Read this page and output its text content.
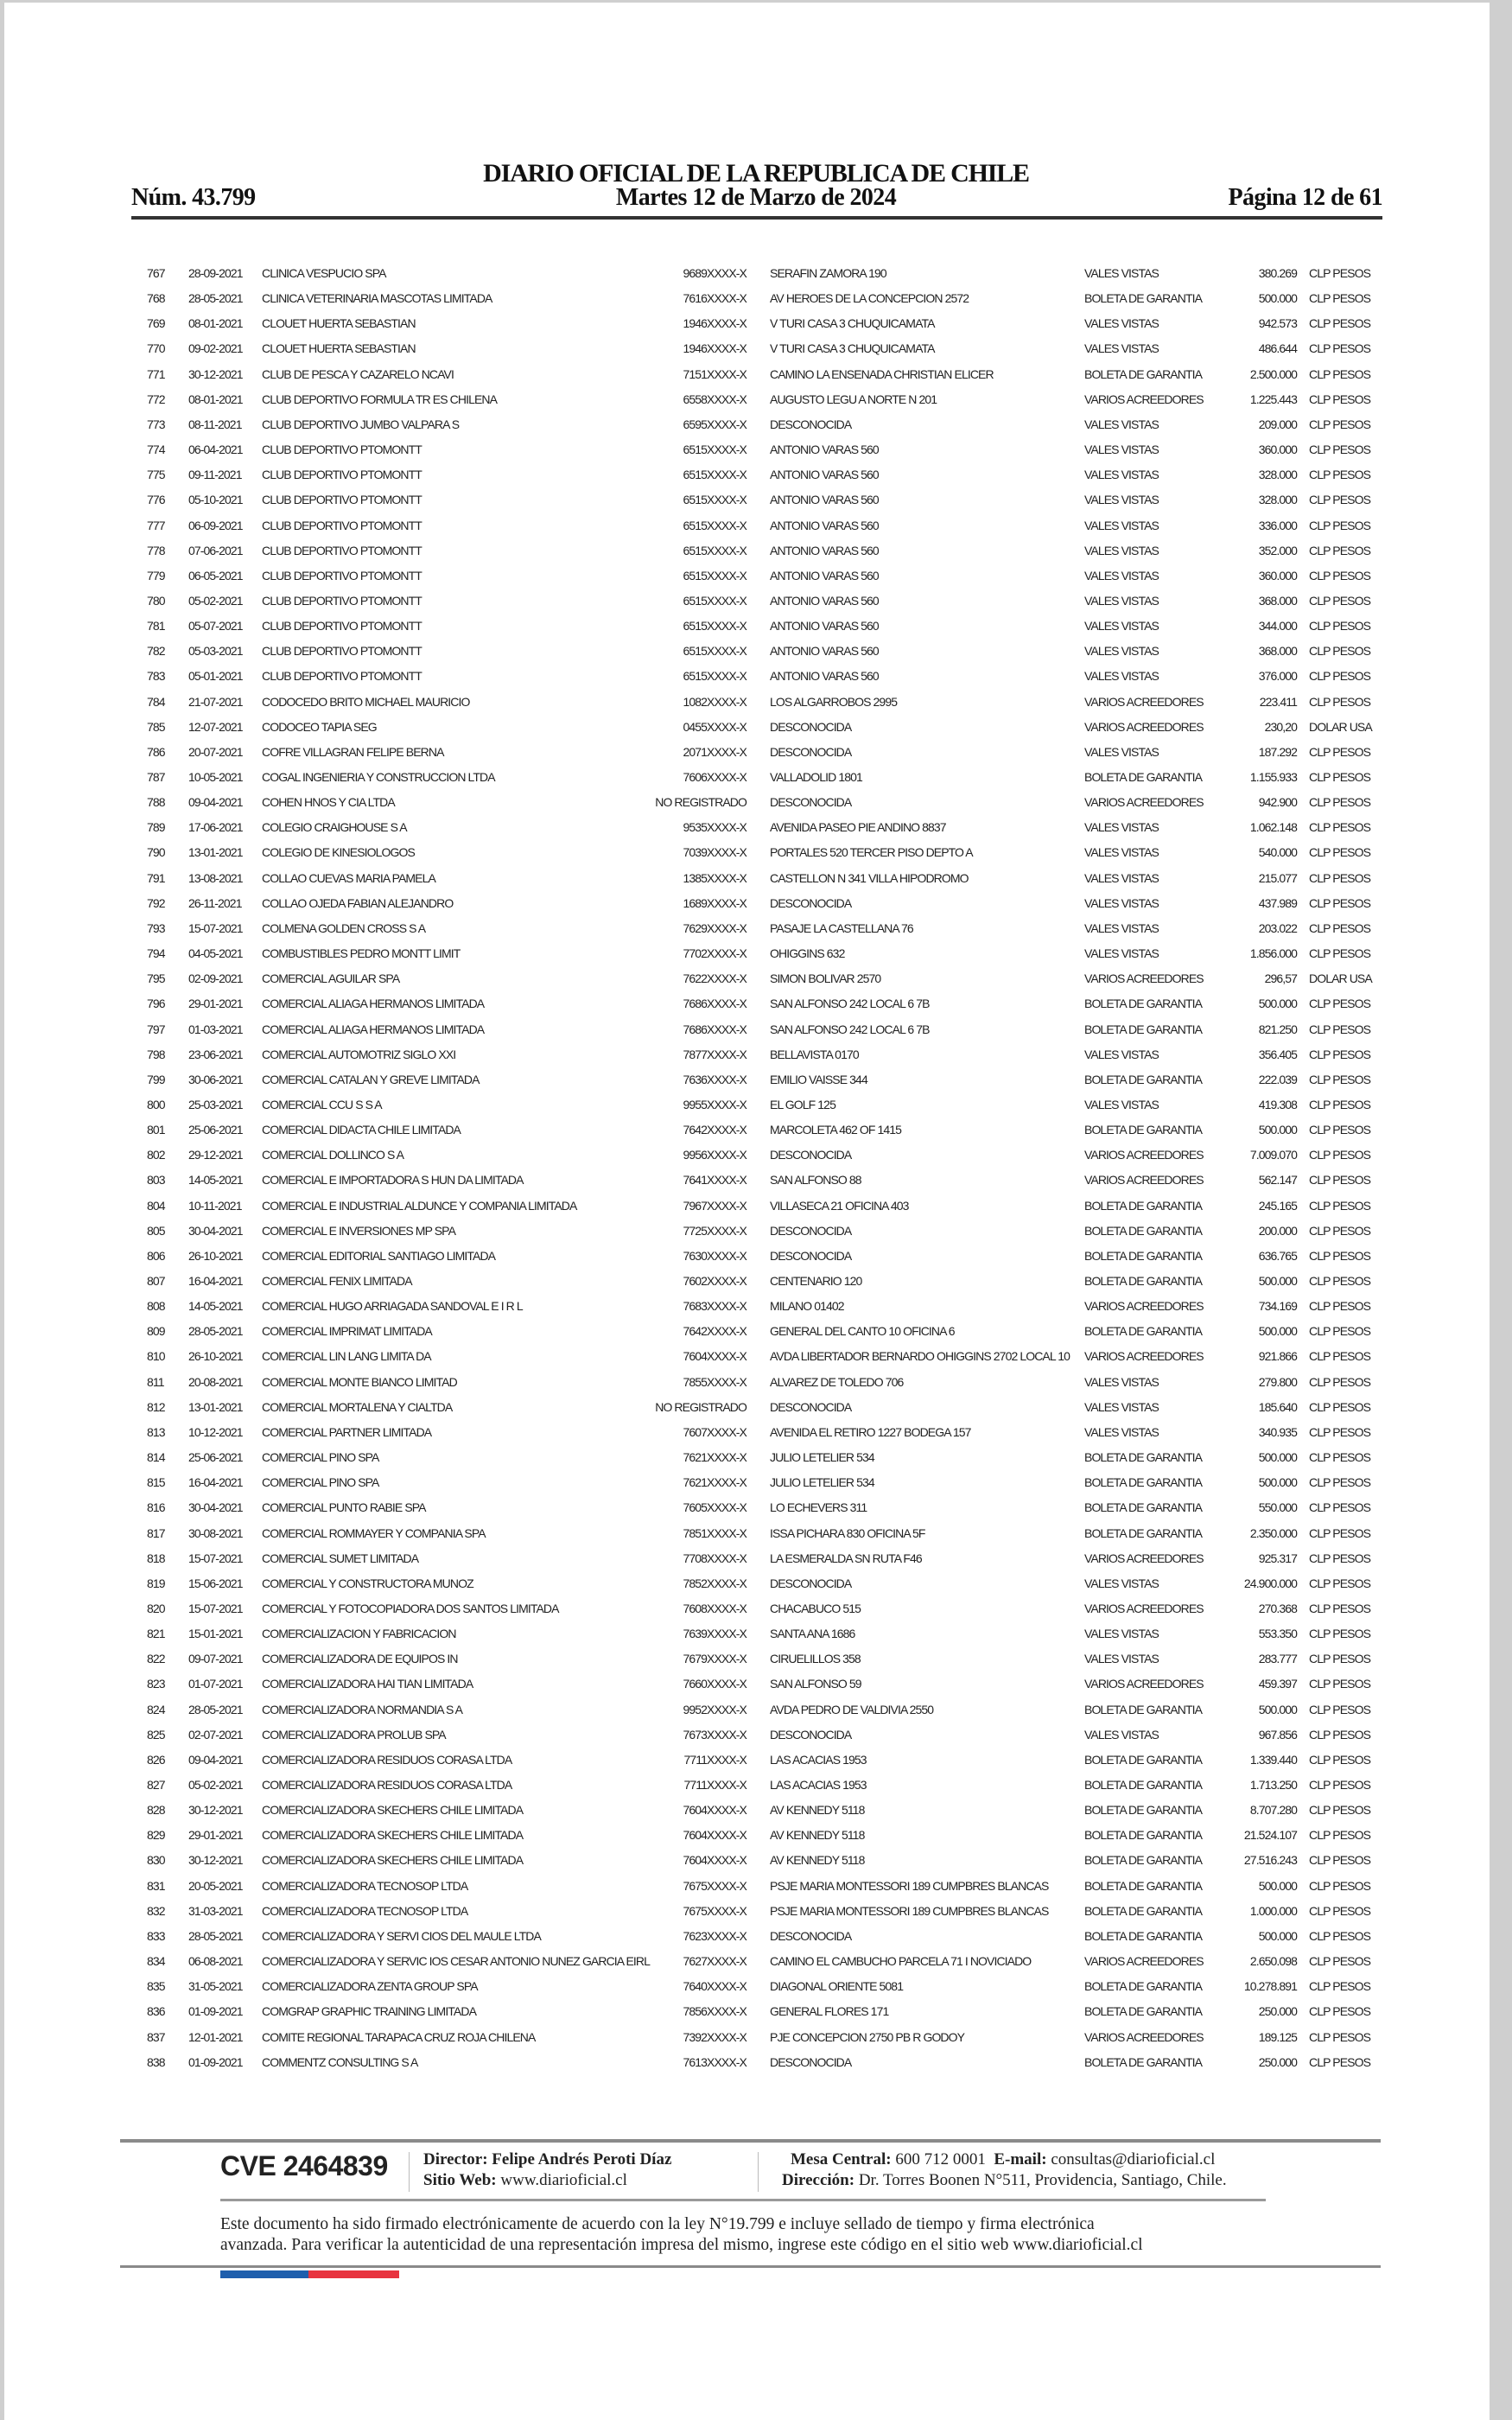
DIARIO OFICIAL DE LA REPUBLICA DE CHILE
Núm. 43.799	Martes 12 de Marzo de 2024	Página 12 de 61
767 28-09-2021 CLINICA VESPUCIO SPA	9689XXXX-X SERAFIN ZAMORA 190	VALES VISTAS	380.269 CLP PESOS
768 28-05-2021 CLINICA VETERINARIA MASCOTAS LIMITADA	7616XXXX-X AV HEROES DE LA CONCEPCION 2572	BOLETA DE GARANTIA	500.000 CLP PESOS
769 08-01-2021 CLOUET HUERTA SEBASTIAN	1946XXXX-X V TURI CASA 3 CHUQUICAMATA	VALES VISTAS	942.573 CLP PESOS
770 09-02-2021 CLOUET HUERTA SEBASTIAN	1946XXXX-X V TURI CASA 3 CHUQUICAMATA	VALES VISTAS	486.644 CLP PESOS
771 30-12-2021 CLUB DE PESCA Y CAZARELO NCAVI	7151XXXX-X CAMINO LA ENSENADA CHRISTIAN ELICER	BOLETA DE GARANTIA	2.500.000 CLP PESOS
772 08-01-2021 CLUB DEPORTIVO FORMULA TR ES CHILENA	6558XXXX-X AUGUSTO LEGU A NORTE N 201	VARIOS ACREEDORES	1.225.443 CLP PESOS
773 08-11-2021 CLUB DEPORTIVO JUMBO VALPARA S	6595XXXX-X DESCONOCIDA	VALES VISTAS	209.000 CLP PESOS
774 06-04-2021 CLUB DEPORTIVO PTOMONTT	6515XXXX-X ANTONIO VARAS 560	VALES VISTAS	360.000 CLP PESOS
775 09-11-2021 CLUB DEPORTIVO PTOMONTT	6515XXXX-X ANTONIO VARAS 560	VALES VISTAS	328.000 CLP PESOS
776 05-10-2021 CLUB DEPORTIVO PTOMONTT	6515XXXX-X ANTONIO VARAS 560	VALES VISTAS	328.000 CLP PESOS
777 06-09-2021 CLUB DEPORTIVO PTOMONTT	6515XXXX-X ANTONIO VARAS 560	VALES VISTAS	336.000 CLP PESOS
778 07-06-2021 CLUB DEPORTIVO PTOMONTT	6515XXXX-X ANTONIO VARAS 560	VALES VISTAS	352.000 CLP PESOS
779 06-05-2021 CLUB DEPORTIVO PTOMONTT	6515XXXX-X ANTONIO VARAS 560	VALES VISTAS	360.000 CLP PESOS
780 05-02-2021 CLUB DEPORTIVO PTOMONTT	6515XXXX-X ANTONIO VARAS 560	VALES VISTAS	368.000 CLP PESOS
781 05-07-2021 CLUB DEPORTIVO PTOMONTT	6515XXXX-X ANTONIO VARAS 560	VALES VISTAS	344.000 CLP PESOS
782 05-03-2021 CLUB DEPORTIVO PTOMONTT	6515XXXX-X ANTONIO VARAS 560	VALES VISTAS	368.000 CLP PESOS
783 05-01-2021 CLUB DEPORTIVO PTOMONTT	6515XXXX-X ANTONIO VARAS 560	VALES VISTAS	376.000 CLP PESOS
784 21-07-2021 CODOCEDO BRITO MICHAEL MAURICIO	1082XXXX-X LOS ALGARROBOS 2995	VARIOS ACREEDORES	223.411 CLP PESOS
785 12-07-2021 CODOCEO TAPIA SEG	0455XXXX-X DESCONOCIDA	VARIOS ACREEDORES	230,20 DOLAR USA
786 20-07-2021 COFRE VILLAGRAN FELIPE BERNA	2071XXXX-X DESCONOCIDA	VALES VISTAS	187.292 CLP PESOS
787 10-05-2021 COGAL INGENIERIA Y CONSTRUCCION LTDA	7606XXXX-X VALLADOLID 1801	BOLETA DE GARANTIA	1.155.933 CLP PESOS
788 09-04-2021 COHEN HNOS Y CIA LTDA	NO REGISTRADO DESCONOCIDA	VARIOS ACREEDORES	942.900 CLP PESOS
789 17-06-2021 COLEGIO CRAIGHOUSE S A	9535XXXX-X AVENIDA PASEO PIE ANDINO 8837	VALES VISTAS	1.062.148 CLP PESOS
790 13-01-2021 COLEGIO DE KINESIOLOGOS	7039XXXX-X PORTALES 520 TERCER PISO DEPTO A	VALES VISTAS	540.000 CLP PESOS
791 13-08-2021 COLLAO CUEVAS MARIA PAMELA	1385XXXX-X CASTELLON N 341 VILLA HIPODROMO	VALES VISTAS	215.077 CLP PESOS
792 26-11-2021 COLLAO OJEDA FABIAN ALEJANDRO	1689XXXX-X DESCONOCIDA	VALES VISTAS	437.989 CLP PESOS
793 15-07-2021 COLMENA GOLDEN CROSS S A	7629XXXX-X PASAJE LA CASTELLANA 76	VALES VISTAS	203.022 CLP PESOS
794 04-05-2021 COMBUSTIBLES PEDRO MONTT LIMIT	7702XXXX-X OHIGGINS 632	VALES VISTAS	1.856.000 CLP PESOS
795 02-09-2021 COMERCIAL AGUILAR SPA	7622XXXX-X SIMON BOLIVAR 2570	VARIOS ACREEDORES	296,57 DOLAR USA
796 29-01-2021 COMERCIAL ALIAGA HERMANOS LIMITADA	7686XXXX-X SAN ALFONSO 242 LOCAL 6 7B	BOLETA DE GARANTIA	500.000 CLP PESOS
797 01-03-2021 COMERCIAL ALIAGA HERMANOS LIMITADA	7686XXXX-X SAN ALFONSO 242 LOCAL 6 7B	BOLETA DE GARANTIA	821.250 CLP PESOS
798 23-06-2021 COMERCIAL AUTOMOTRIZ SIGLO XXI	7877XXXX-X BELLAVISTA 0170	VALES VISTAS	356.405 CLP PESOS
799 30-06-2021 COMERCIAL CATALAN Y GREVE LIMITADA	7636XXXX-X EMILIO VAISSE 344	BOLETA DE GARANTIA	222.039 CLP PESOS
800 25-03-2021 COMERCIAL CCU S S A	9955XXXX-X EL GOLF 125	VALES VISTAS	419.308 CLP PESOS
801 25-06-2021 COMERCIAL DIDACTA CHILE LIMITADA	7642XXXX-X MARCOLETA 462 OF 1415	BOLETA DE GARANTIA	500.000 CLP PESOS
802 29-12-2021 COMERCIAL DOLLINCO S A	9956XXXX-X DESCONOCIDA	VARIOS ACREEDORES	7.009.070 CLP PESOS
803 14-05-2021 COMERCIAL E IMPORTADORA S HUN DA LIMITADA	7641XXXX-X SAN ALFONSO 88	VARIOS ACREEDORES	562.147 CLP PESOS
804 10-11-2021 COMERCIAL E INDUSTRIAL ALDUNCE Y COMPANIA LIMITADA	7967XXXX-X VILLASECA 21 OFICINA 403	BOLETA DE GARANTIA	245.165 CLP PESOS
805 30-04-2021 COMERCIAL E INVERSIONES MP SPA	7725XXXX-X DESCONOCIDA	BOLETA DE GARANTIA	200.000 CLP PESOS
806 26-10-2021 COMERCIAL EDITORIAL SANTIAGO LIMITADA	7630XXXX-X DESCONOCIDA	BOLETA DE GARANTIA	636.765 CLP PESOS
807 16-04-2021 COMERCIAL FENIX LIMITADA	7602XXXX-X CENTENARIO 120	BOLETA DE GARANTIA	500.000 CLP PESOS
808 14-05-2021 COMERCIAL HUGO ARRIAGADA SANDOVAL E I R L	7683XXXX-X MILANO 01402	VARIOS ACREEDORES	734.169 CLP PESOS
809 28-05-2021 COMERCIAL IMPRIMAT LIMITADA	7642XXXX-X GENERAL DEL CANTO 10 OFICINA 6	BOLETA DE GARANTIA	500.000 CLP PESOS
810 26-10-2021 COMERCIAL LIN LANG LIMITA DA	7604XXXX-X AVDA LIBERTADOR BERNARDO OHIGGINS 2702 LOCAL 10 VARIOS ACREEDORES	921.866 CLP PESOS
811 20-08-2021 COMERCIAL MONTE BIANCO LIMITAD	7855XXXX-X ALVAREZ DE TOLEDO 706	VALES VISTAS	279.800 CLP PESOS
812 13-01-2021 COMERCIAL MORTALENA Y CIALTDA	NO REGISTRADO DESCONOCIDA	VALES VISTAS	185.640 CLP PESOS
813 10-12-2021 COMERCIAL PARTNER LIMITADA	7607XXXX-X AVENIDA EL RETIRO 1227 BODEGA 157	VALES VISTAS	340.935 CLP PESOS
814 25-06-2021 COMERCIAL PINO SPA	7621XXXX-X JULIO LETELIER 534	BOLETA DE GARANTIA	500.000 CLP PESOS
815 16-04-2021 COMERCIAL PINO SPA	7621XXXX-X JULIO LETELIER 534	BOLETA DE GARANTIA	500.000 CLP PESOS
816 30-04-2021 COMERCIAL PUNTO RABIE SPA	7605XXXX-X LO ECHEVERS 311	BOLETA DE GARANTIA	550.000 CLP PESOS
817 30-08-2021 COMERCIAL ROMMAYER Y COMPANIA SPA	7851XXXX-X ISSA PICHARA 830 OFICINA 5F	BOLETA DE GARANTIA	2.350.000 CLP PESOS
818 15-07-2021 COMERCIAL SUMET LIMITADA	7708XXXX-X LA ESMERALDA SN RUTA F46	VARIOS ACREEDORES	925.317 CLP PESOS
819 15-06-2021 COMERCIAL Y CONSTRUCTORA MUNOZ	7852XXXX-X DESCONOCIDA	VALES VISTAS	24.900.000 CLP PESOS
820 15-07-2021 COMERCIAL Y FOTOCOPIADORA DOS SANTOS LIMITADA	7608XXXX-X CHACABUCO 515	VARIOS ACREEDORES	270.368 CLP PESOS
821 15-01-2021 COMERCIALIZACION Y FABRICACION	7639XXXX-X SANTA ANA 1686	VALES VISTAS	553.350 CLP PESOS
822 09-07-2021 COMERCIALIZADORA DE EQUIPOS IN	7679XXXX-X CIRUELILLOS 358	VALES VISTAS	283.777 CLP PESOS
823 01-07-2021 COMERCIALIZADORA HAI TIAN LIMITADA	7660XXXX-X SAN ALFONSO 59	VARIOS ACREEDORES	459.397 CLP PESOS
824 28-05-2021 COMERCIALIZADORA NORMANDIA S A	9952XXXX-X AVDA PEDRO DE VALDIVIA 2550	BOLETA DE GARANTIA	500.000 CLP PESOS
825 02-07-2021 COMERCIALIZADORA PROLUB SPA	7673XXXX-X DESCONOCIDA	VALES VISTAS	967.856 CLP PESOS
826 09-04-2021 COMERCIALIZADORA RESIDUOS CORASA LTDA	7711XXXX-X LAS ACACIAS 1953	BOLETA DE GARANTIA	1.339.440 CLP PESOS
827 05-02-2021 COMERCIALIZADORA RESIDUOS CORASA LTDA	7711XXXX-X LAS ACACIAS 1953	BOLETA DE GARANTIA	1.713.250 CLP PESOS
828 30-12-2021 COMERCIALIZADORA SKECHERS CHILE LIMITADA	7604XXXX-X AV KENNEDY 5118	BOLETA DE GARANTIA	8.707.280 CLP PESOS
829 29-01-2021 COMERCIALIZADORA SKECHERS CHILE LIMITADA	7604XXXX-X AV KENNEDY 5118	BOLETA DE GARANTIA	21.524.107 CLP PESOS
830 30-12-2021 COMERCIALIZADORA SKECHERS CHILE LIMITADA	7604XXXX-X AV KENNEDY 5118	BOLETA DE GARANTIA	27.516.243 CLP PESOS
831 20-05-2021 COMERCIALIZADORA TECNOSOP LTDA	7675XXXX-X PSJE MARIA MONTESSORI 189 CUMPBRES BLANCAS	BOLETA DE GARANTIA	500.000 CLP PESOS
832 31-03-2021 COMERCIALIZADORA TECNOSOP LTDA	7675XXXX-X PSJE MARIA MONTESSORI 189 CUMPBRES BLANCAS	BOLETA DE GARANTIA	1.000.000 CLP PESOS
833 28-05-2021 COMERCIALIZADORA Y SERVI CIOS DEL MAULE LTDA	7623XXXX-X DESCONOCIDA	BOLETA DE GARANTIA	500.000 CLP PESOS
834 06-08-2021 COMERCIALIZADORA Y SERVIC IOS CESAR ANTONIO NUNEZ GARCIA EIRL	7627XXXX-X CAMINO EL CAMBUCHO PARCELA 71 I NOVICIADO	VARIOS ACREEDORES	2.650.098 CLP PESOS
835 31-05-2021 COMERCIALIZADORA ZENTA GROUP SPA	7640XXXX-X DIAGONAL ORIENTE 5081	BOLETA DE GARANTIA	10.278.891 CLP PESOS
836 01-09-2021 COMGRAP GRAPHIC TRAINING LIMITADA	7856XXXX-X GENERAL FLORES 171	BOLETA DE GARANTIA	250.000 CLP PESOS
837 12-01-2021 COMITE REGIONAL TARAPACA CRUZ ROJA CHILENA	7392XXXX-X PJE CONCEPCION 2750 PB R GODOY	VARIOS ACREEDORES	189.125 CLP PESOS
838 01-09-2021 COMMENTZ CONSULTING S A	7613XXXX-X DESCONOCIDA	BOLETA DE GARANTIA	250.000 CLP PESOS
CVE 2464839 Director: Felipe Andrés Peroti Díaz
Sitio Web: www.diarioficial.cl
Mesa Central: 600 712 0001 E-mail: consultas@diarioficial.cl
Dirección: Dr. Torres Boonen N°511, Providencia, Santiago, Chile.
Este documento ha sido firmado electrónicamente de acuerdo con la ley N°19.799 e incluye sellado de tiempo y firma electrónica
avanzada. Para verificar la autenticidad de una representación impresa del mismo, ingrese este código en el sitio web www.diarioficial.cl
